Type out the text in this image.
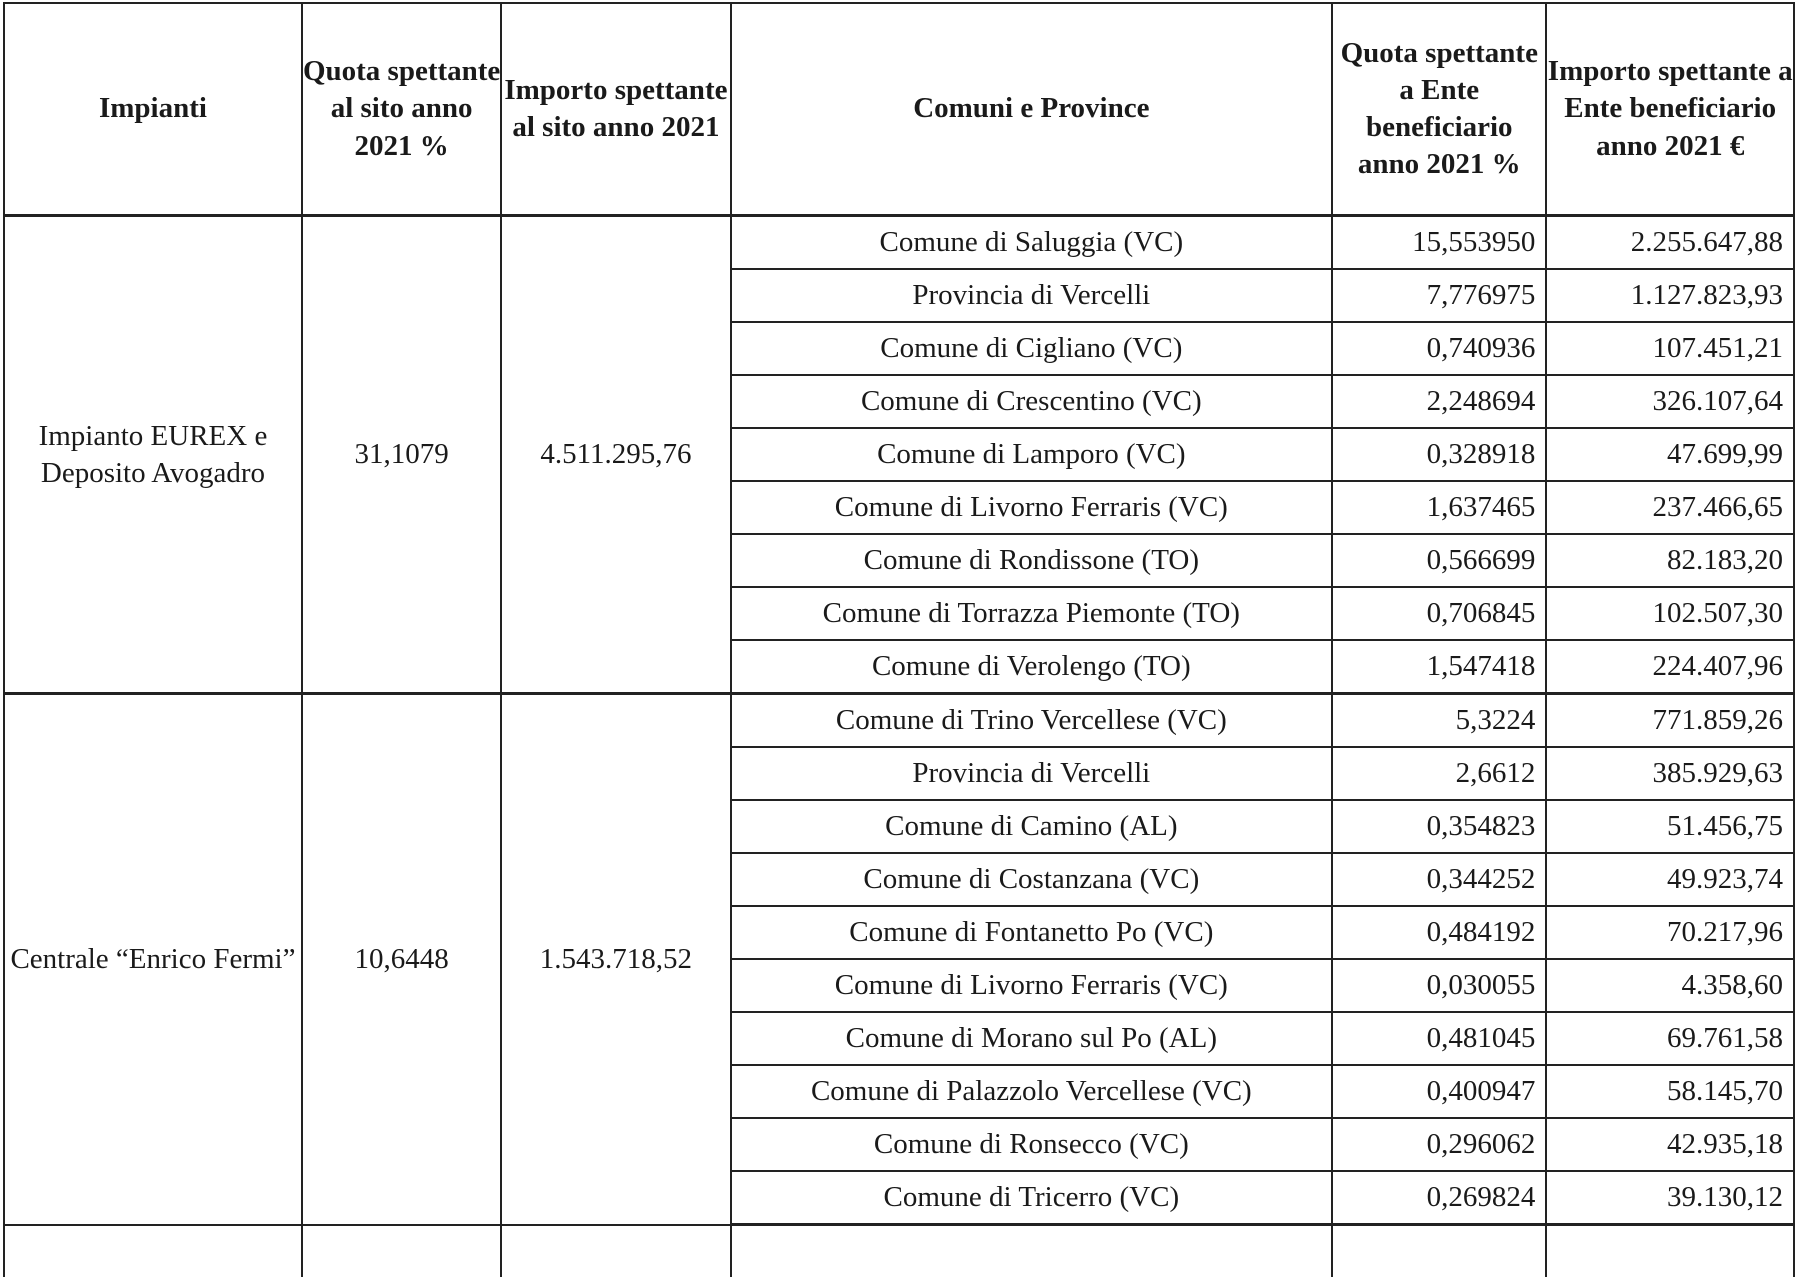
Impianti	Quota spettante al sito anno 2021 %	Importo spettante al sito anno 2021	Comuni e Province	Quota spettante a Ente beneficiario anno 2021 %	Importo spettante a Ente beneficiario anno 2021 €
Impianto EUREX e Deposito Avogadro	31,1079	4.511.295,76	Comune di Saluggia (VC)	15,553950	2.255.647,88
			Provincia di Vercelli	7,776975	1.127.823,93
			Comune di Cigliano (VC)	0,740936	107.451,21
			Comune di Crescentino (VC)	2,248694	326.107,64
			Comune di Lamporo (VC)	0,328918	47.699,99
			Comune di Livorno Ferraris (VC)	1,637465	237.466,65
			Comune di Rondissone (TO)	0,566699	82.183,20
			Comune di Torrazza Piemonte (TO)	0,706845	102.507,30
			Comune di Verolengo (TO)	1,547418	224.407,96
Centrale “Enrico Fermi”	10,6448	1.543.718,52	Comune di Trino Vercellese (VC)	5,3224	771.859,26
			Provincia di Vercelli	2,6612	385.929,63
			Comune di Camino (AL)	0,354823	51.456,75
			Comune di Costanzana (VC)	0,344252	49.923,74
			Comune di Fontanetto Po (VC)	0,484192	70.217,96
			Comune di Livorno Ferraris (VC)	0,030055	4.358,60
			Comune di Morano sul Po (AL)	0,481045	69.761,58
			Comune di Palazzolo Vercellese (VC)	0,400947	58.145,70
			Comune di Ronsecco (VC)	0,296062	42.935,18
			Comune di Tricerro (VC)	0,269824	39.130,12
